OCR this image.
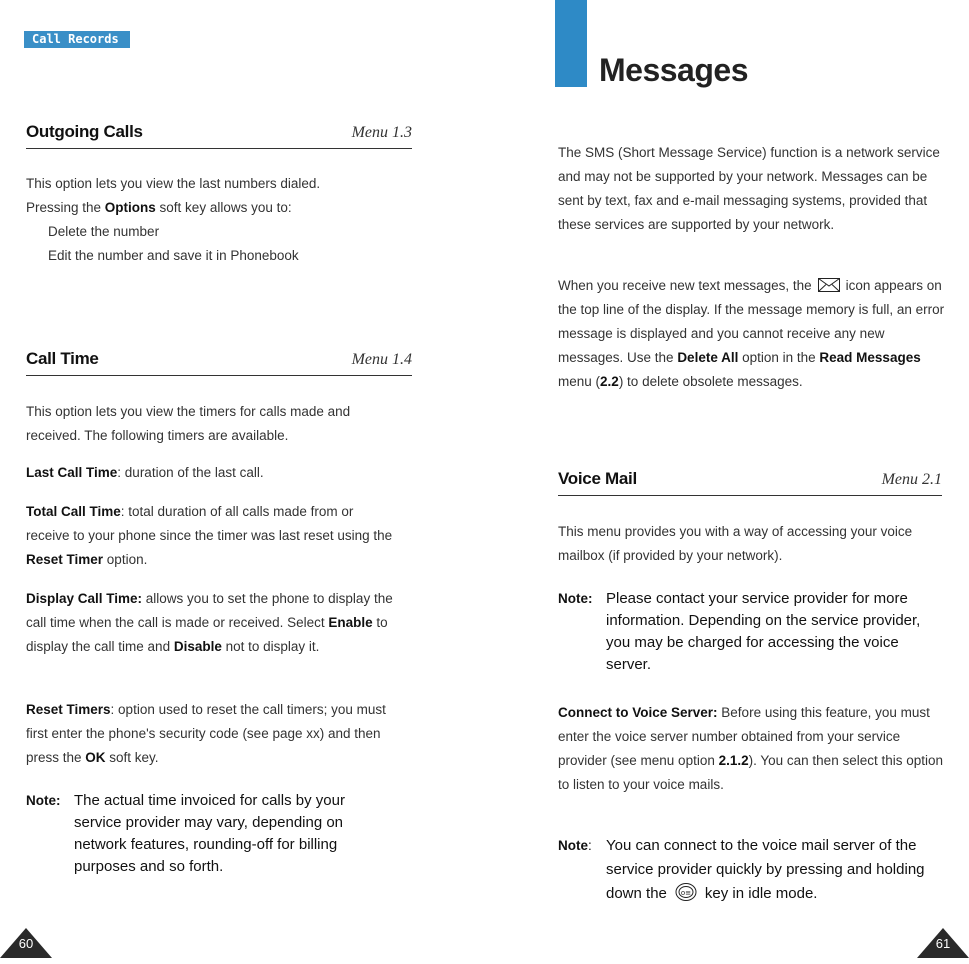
Call Records
Outgoing Calls	Menu 1.3
This option lets you view the last numbers dialed.
Pressing the Options soft key allows you to:
Delete the number
Edit the number and save it in Phonebook
Call Time	Menu 1.4

This option lets you view the timers for calls made and received. The following timers are available.

Last Call Time: duration of the last call.

Total Call Time: total duration of all calls made from or receive to your phone since the timer was last reset using the Reset Timer option.

Display Call Time: allows you to set the phone to display the call time when the call is made or received. Select Enable to display the call time and Disable not to display it.

Reset Timers: option used to reset the call timers; you must first enter the phone's security code (see page xx) and then press the OK soft key.

Note: The actual time invoiced for calls by your service provider may vary, depending on network features, rounding-off for billing purposes and so forth.
60
Messages

The SMS (Short Message Service) function is a network service and may not be supported by your network. Messages can be sent by text, fax and e-mail messaging systems, provided that these services are supported by your network.

When you receive new text messages, the	icon appears on the top line of the display. If the message memory is full, an error message is displayed and you cannot receive any new messages. Use the Delete All option in the Read Messages menu (2.2) to delete obsolete messages.

Voice Mail	Menu 2.1

This menu provides you with a way of accessing your voice mailbox (if provided by your network).

Note: Please contact your service provider for more information. Depending on the service provider, you may be charged for accessing the voice server.

Connect to Voice Server: Before using this feature, you must enter the voice server number obtained from your service provider (see menu option 2.1.2). You can then select this option to listen to your voice mails.

Note: You can connect to the voice mail server of the service provider quickly by pressing and holding down the o≡ key in idle mode.
61
